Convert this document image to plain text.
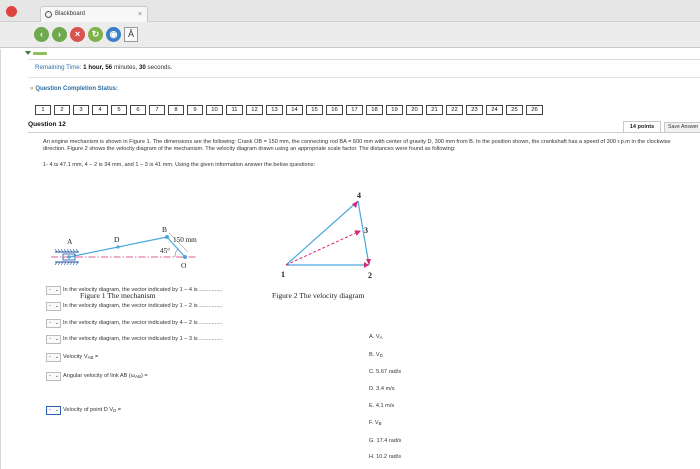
Blackboard	×
‹	›	×	↻	◉	Ā
Remaining Time: 1 hour, 56 minutes, 30 seconds.
» Question Completion Status:
1	2	3	4	5	6	7	8	9	10	11	12	13	14	15	16	17	18	19	20	21	22	23	24	25	26
Question 12	14 points	Save Answer
An engine mechanism is shown in Figure 1. The dimensions are the following: Crank OB = 150 mm, the connecting rod BA = 600 mm with center of gravity D, 300 mm from B. In the position shown, the crankshaft has a speed of 300 r.p.m in the clockwise direction. Figure 2 shows the velocity diagram of the mechanism. The velocity diagram drawn using an appropriate scale factor. The distances were found as following:
1- 4 is 47.1 mm, 4 – 2 is 34 mm, and 1 – 3 is 41 mm. Using the given information answer the below questions:
A	D
B
O
150 mm
45°
Figure 1 The mechanism
1	2
3
4
Figure 2 The velocity diagram
- ⌄ In the velocity diagram, the vector indicated by 1 – 4 is ...............
- ⌄ In the velocity diagram, the vector indicated by 1 – 2 is ...............
- ⌄ In the velocity diagram, the vector indicated by 4 – 2 is ...............
- ⌄ In the velocity diagram, the vector indicated by 1 – 3 is ...............
- ⌄ Velocity $V_{AB}$ =
- ⌄ Angular velocity of link AB $(\omega_{AB})$ =
- ⌄ Velocity of point D $V_D$ =
A. $V_A$
B. $V_D$
C. 5.67 rad/s
D. 3.4 m/s
E. 4.1 m/s
F. $V_B$
G. 17.4 rad/s
H. 10.2 rad/s
